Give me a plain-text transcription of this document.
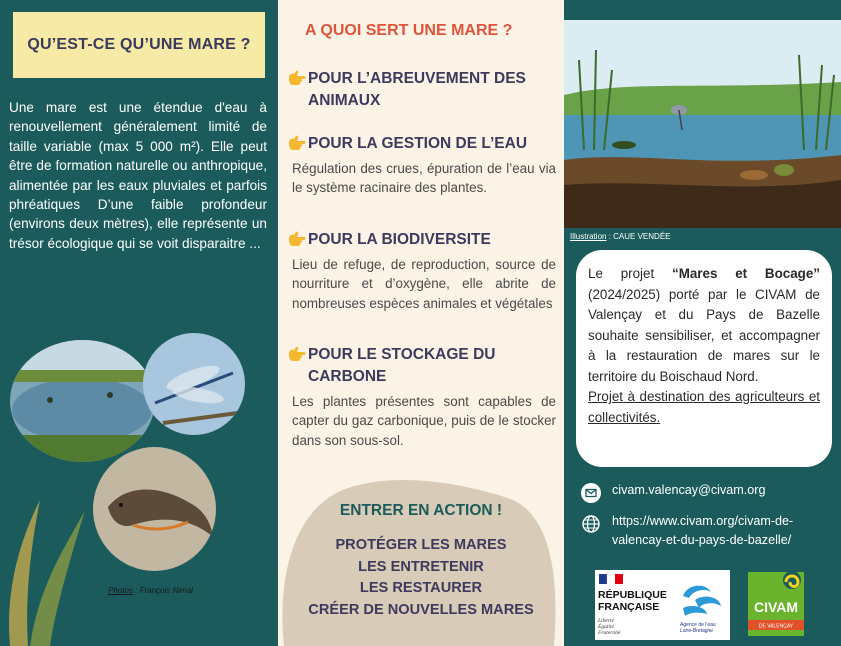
QU’EST-CE QU’UNE MARE ?

Une mare est une étendue d'eau à renouvellement généralement limité de taille variable (max 5 000 m²). Elle peut être de formation naturelle ou anthropique, alimentée par les eaux pluviales et parfois phréatiques D’une faible profondeur (environs deux mètres), elle représente un trésor écologique qui se voit disparaitre ...

Photos : François Nimal
A QUOI SERT UNE MARE ?
POUR L’ABREUVEMENT DES ANIMAUX
POUR LA GESTION DE L’EAU

Régulation des crues, épuration de l’eau via le système racinaire des plantes.

POUR LA BIODIVERSITE

Lieu de refuge, de reproduction, source de nourriture et d’oxygène, elle abrite de nombreuses espèces animales et végétales

POUR LE STOCKAGE DU CARBONE

Les plantes présentes sont capables de capter du gaz carbonique, puis de le stocker dans son sous-sol.

ENTRER EN ACTION !
PROTÉGER LES MARES
LES ENTRETENIR
LES RESTAURER
CRÉER DE NOUVELLES MARES
Illustration : CAUE VENDÉE
Le projet “Mares et Bocage” (2024/2025) porté par le CIVAM de Valençay et du Pays de Bazelle souhaite sensibiliser, et accompagner à la restauration de mares sur le territoire du Boischaud Nord.
Projet à destination des agriculteurs et collectivités.
civam.valencay@civam.org
https://www.civam.org/civam-de-valencay-et-du-pays-de-bazelle/
RÉPUBLIQUE
FRANÇAISE
Liberté
Égalité
Fraternité
Agence de l'eau
Loire-Bretagne
CIVAM
DE VALENÇAY
